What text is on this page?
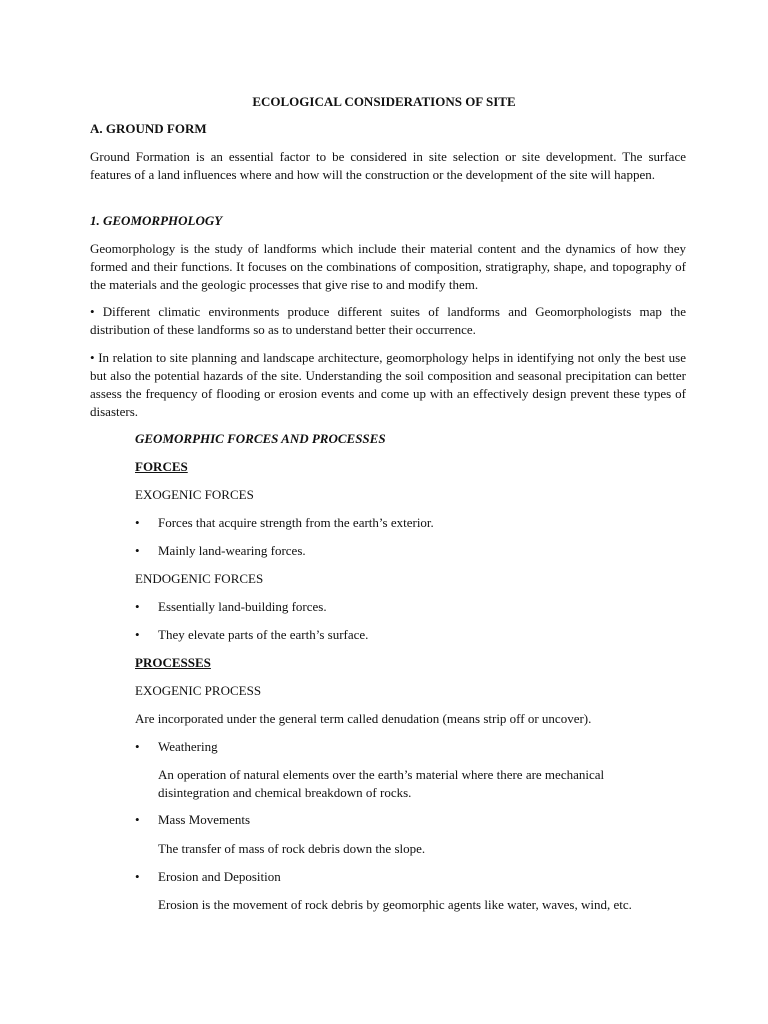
ECOLOGICAL CONSIDERATIONS OF SITE
A. GROUND FORM

Ground Formation is an essential factor to be considered in site selection or site development. The surface features of a land influences where and how will the construction or the development of the site will happen.

1. GEOMORPHOLOGY

Geomorphology is the study of landforms which include their material content and the dynamics of how they formed and their functions. It focuses on the combinations of composition, stratigraphy, shape, and topography of the materials and the geologic processes that give rise to and modify them.

• Different climatic environments produce different suites of landforms and Geomorphologists map the distribution of these landforms so as to understand better their occurrence.

• In relation to site planning and landscape architecture, geomorphology helps in identifying not only the best use but also the potential hazards of the site. Understanding the soil composition and seasonal precipitation can better assess the frequency of flooding or erosion events and come up with an effectively design prevent these types of disasters.

GEOMORPHIC FORCES AND PROCESSES
FORCES
EXOGENIC FORCES
• Forces that acquire strength from the earth’s exterior.
• Mainly land-wearing forces.
ENDOGENIC FORCES
• Essentially land-building forces.
• They elevate parts of the earth’s surface.
PROCESSES
EXOGENIC PROCESS
Are incorporated under the general term called denudation (means strip off or uncover).
• Weathering

An operation of natural elements over the earth’s material where there are mechanical disintegration and chemical breakdown of rocks.

• Mass Movements

The transfer of mass of rock debris down the slope.

• Erosion and Deposition

Erosion is the movement of rock debris by geomorphic agents like water, waves, wind, etc.
